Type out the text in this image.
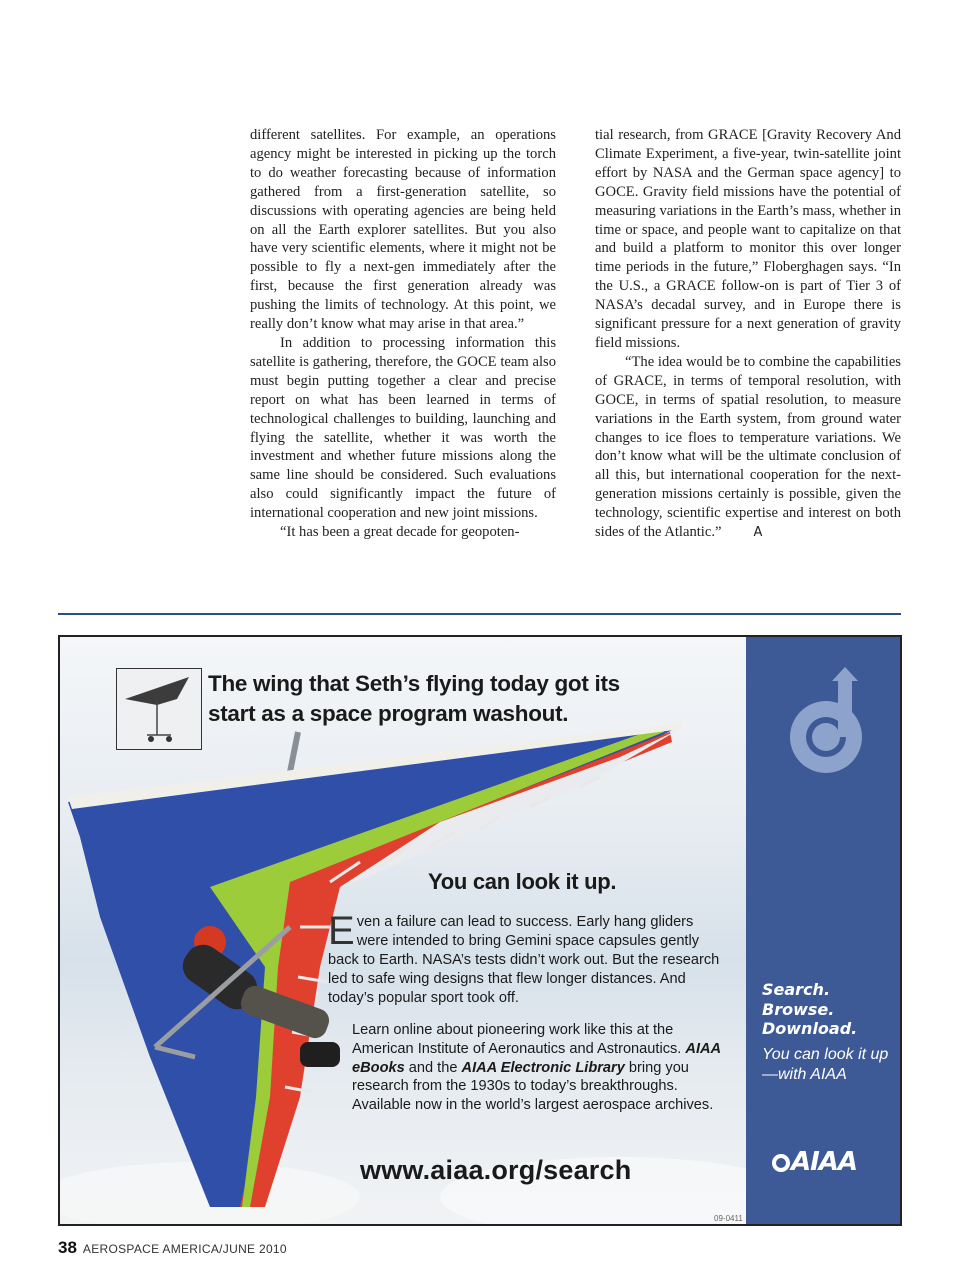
different satellites. For example, an operations agency might be interested in picking up the torch to do weather forecasting because of information gathered from a first-generation satellite, so discussions with operating agencies are being held on all the Earth explorer satellites. But you also have very scientific elements, where it might not be possible to fly a next-gen immediately after the first, because the first generation already was pushing the limits of technology. At this point, we really don’t know what may arise in that area.”

In addition to processing information this satellite is gathering, therefore, the GOCE team also must begin putting together a clear and precise report on what has been learned in terms of technological challenges to building, launching and flying the satellite, whether it was worth the investment and whether future missions along the same line should be considered. Such evaluations also could significantly impact the future of international cooperation and new joint missions.

“It has been a great decade for geopoten-

tial research, from GRACE [Gravity Recovery And Climate Experiment, a five-year, twin-satellite joint effort by NASA and the German space agency] to GOCE. Gravity field missions have the potential of measuring variations in the Earth’s mass, whether in time or space, and people want to capitalize on that and build a platform to monitor this over longer time periods in the future,” Floberghagen says. “In the U.S., a GRACE follow-on is part of Tier 3 of NASA’s decadal survey, and in Europe there is significant pressure for a next generation of gravity field missions.

“The idea would be to combine the capabilities of GRACE, in terms of temporal resolution, with GOCE, in terms of spatial resolution, to measure variations in the Earth system, from ground water changes to ice floes to temperature variations. We don’t know what will be the ultimate conclusion of all this, but international cooperation for the next-generation missions certainly is possible, given the technology, scientific expertise and interest on both sides of the Atlantic.” A

The wing that Seth’s flying today got its
start as a space program washout.
You can look it up.
Even a failure can lead to success. Early hang gliders were intended to bring Gemini space capsules gently back to Earth. NASA’s tests didn’t work out. But the research led to safe wing designs that flew longer distances. And today’s popular sport took off.
Learn online about pioneering work like this at the American Institute of Aeronautics and Astronautics. AIAA eBooks and the AIAA Electronic Library bring you research from the 1930s to today’s breakthroughs. Available now in the world’s largest aerospace archives.
www.aiaa.org/search
09-0411
Search.
Browse.
Download.
You can look it up
—with AIAA
AIAA
38 AEROSPACE AMERICA/JUNE 2010
